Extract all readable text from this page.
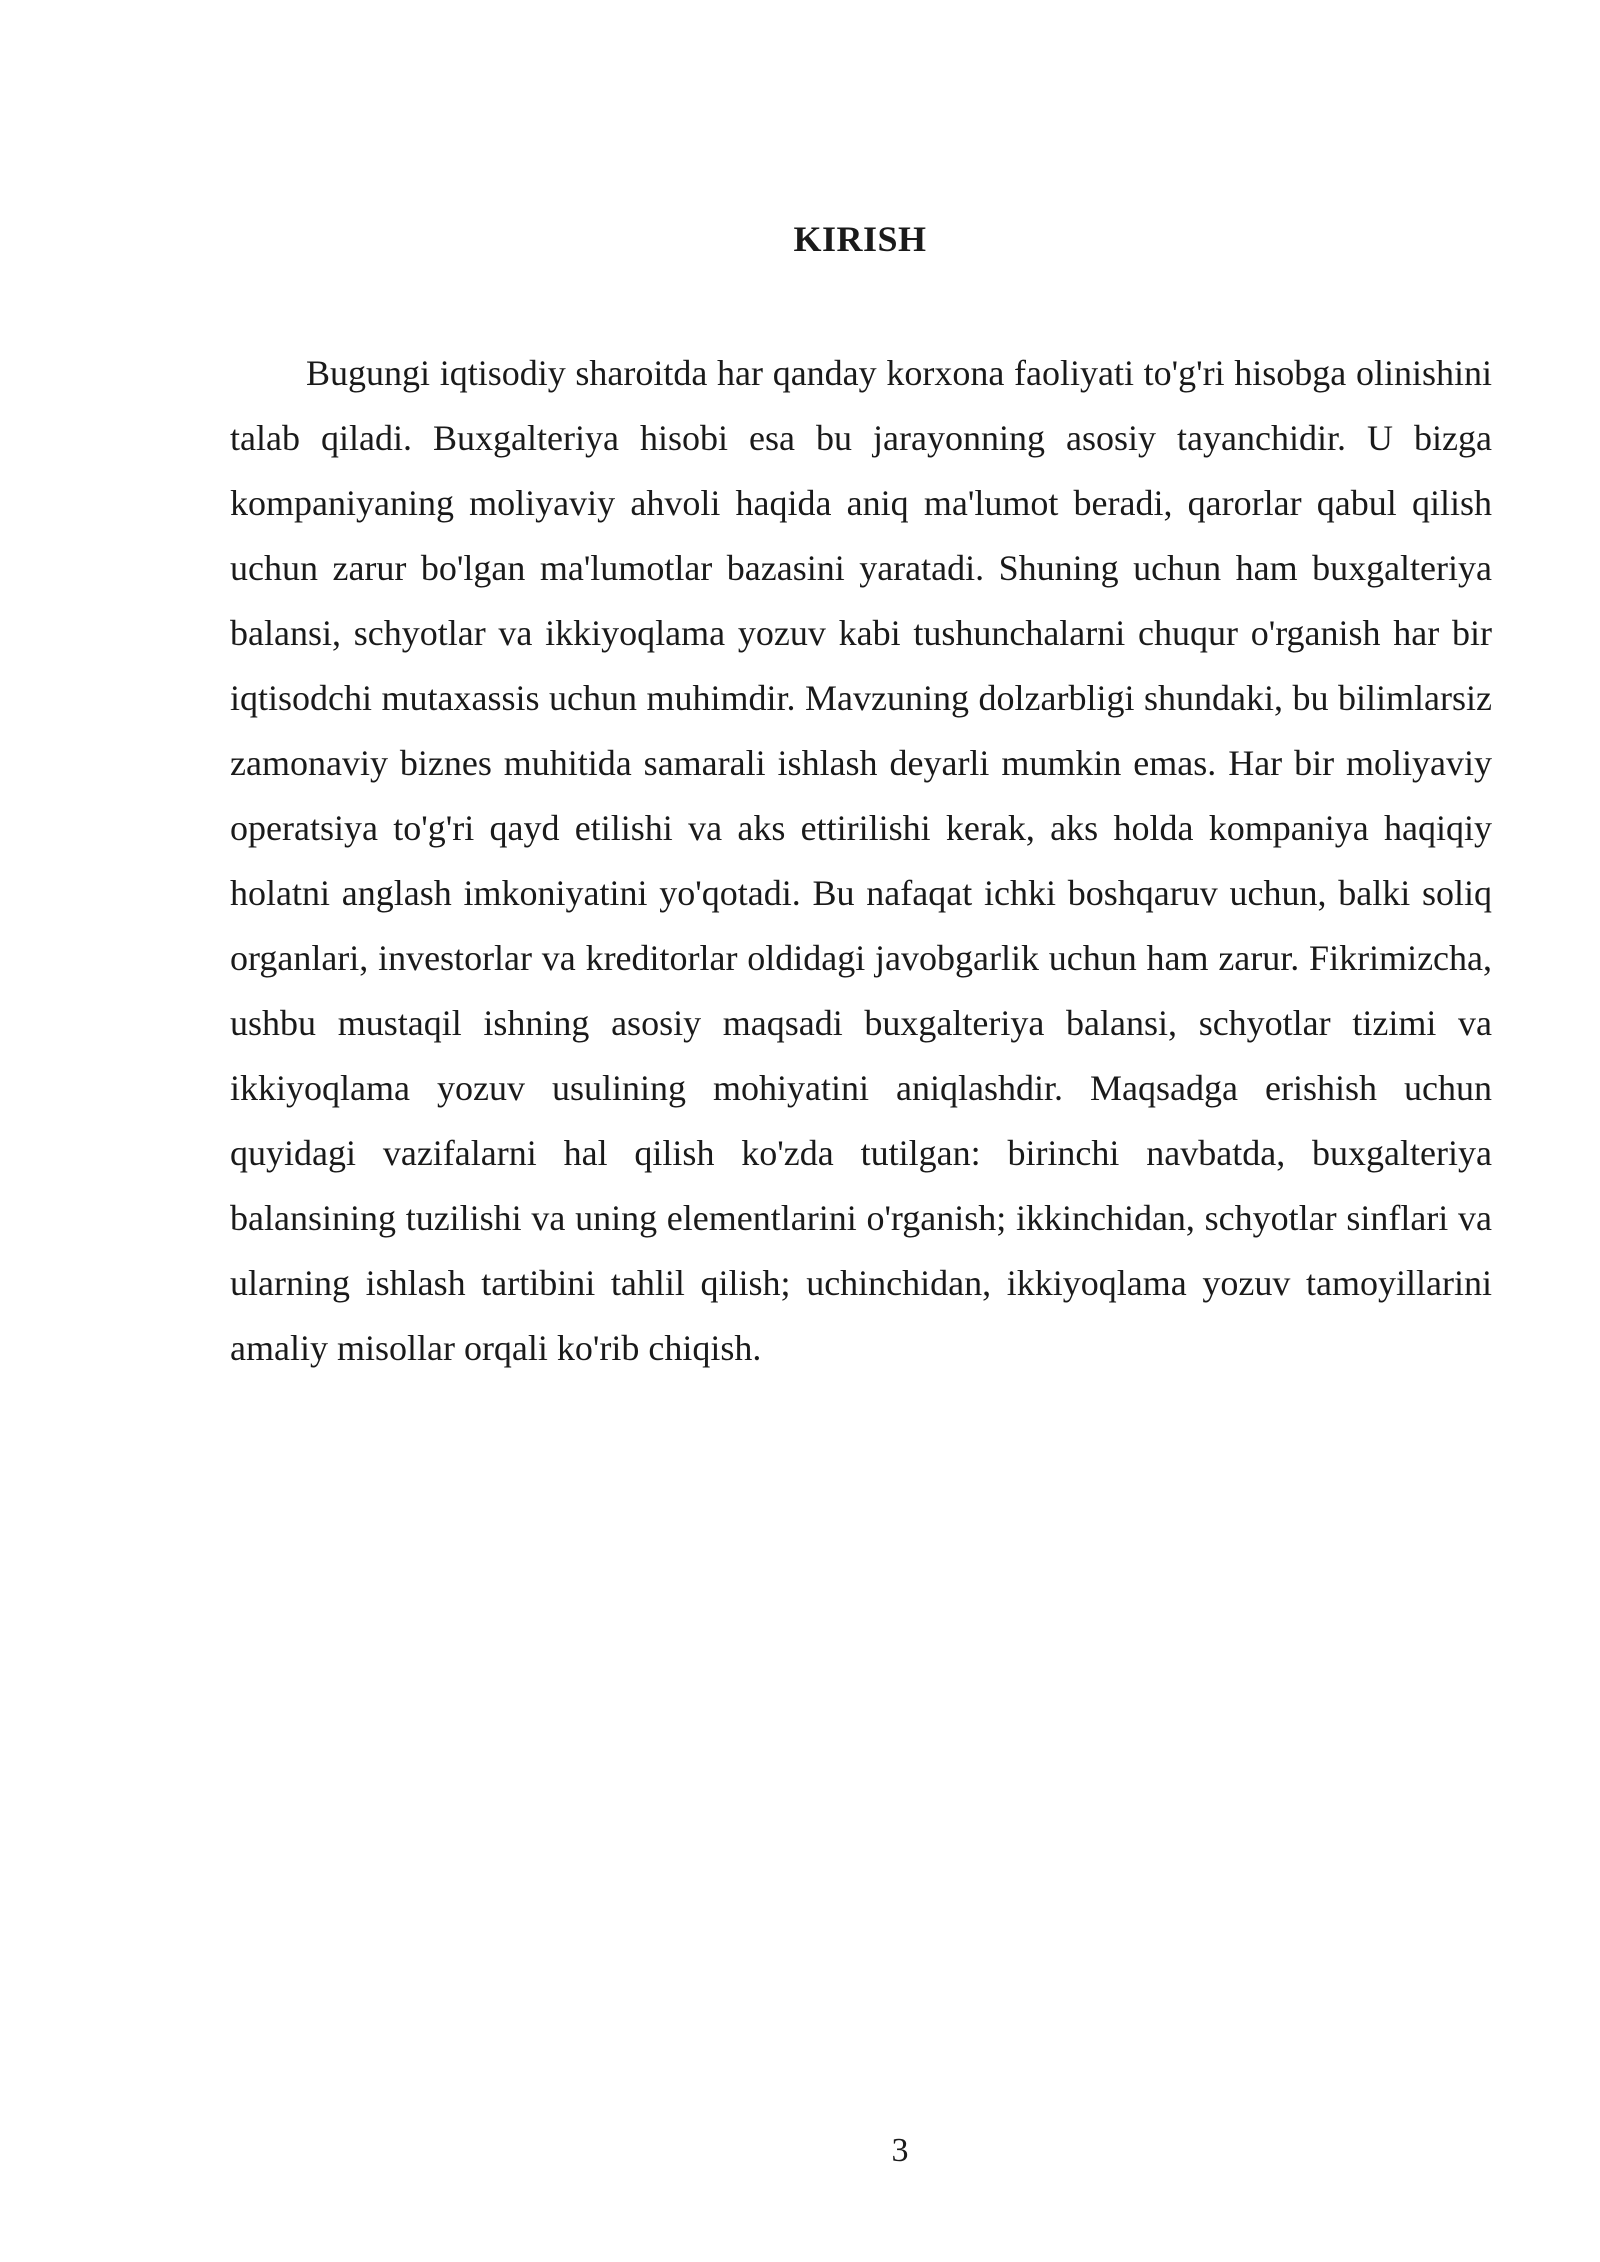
KIRISH

Bugungi iqtisodiy sharoitda har qanday korxona faoliyati to'g'ri hisobga olinishini talab qiladi. Buxgalteriya hisobi esa bu jarayonning asosiy tayanchidir. U bizga kompaniyaning moliyaviy ahvoli haqida aniq ma'lumot beradi, qarorlar qabul qilish uchun zarur bo'lgan ma'lumotlar bazasini yaratadi. Shuning uchun ham buxgalteriya balansi, schyotlar va ikkiyoqlama yozuv kabi tushunchalarni chuqur o'rganish har bir iqtisodchi mutaxassis uchun muhimdir. Mavzuning dolzarbligi shundaki, bu bilimlarsiz zamonaviy biznes muhitida samarali ishlash deyarli mumkin emas. Har bir moliyaviy operatsiya to'g'ri qayd etilishi va aks ettirilishi kerak, aks holda kompaniya haqiqiy holatni anglash imkoniyatini yo'qotadi. Bu nafaqat ichki boshqaruv uchun, balki soliq organlari, investorlar va kreditorlar oldidagi javobgarlik uchun ham zarur. Fikrimizcha, ushbu mustaqil ishning asosiy maqsadi buxgalteriya balansi, schyotlar tizimi va ikkiyoqlama yozuv usulining mohiyatini aniqlashdir. Maqsadga erishish uchun quyidagi vazifalarni hal qilish ko'zda tutilgan: birinchi navbatda, buxgalteriya balansining tuzilishi va uning elementlarini o'rganish; ikkinchidan, schyotlar sinflari va ularning ishlash tartibini tahlil qilish; uchinchidan, ikkiyoqlama yozuv tamoyillarini amaliy misollar orqali ko'rib chiqish.

3
